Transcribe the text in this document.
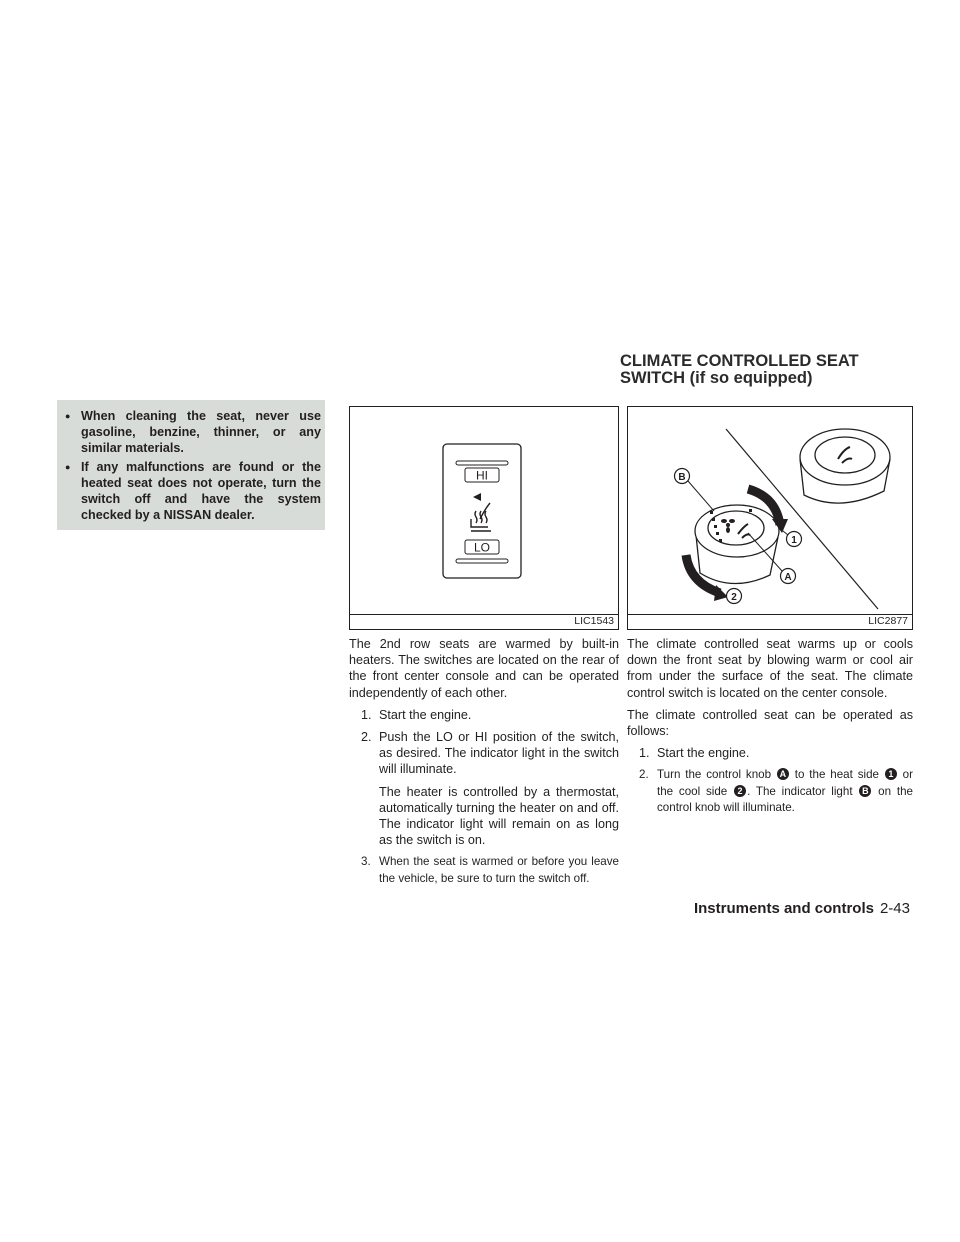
● When cleaning the seat, never use gasoline, benzine, thinner, or any similar materials.
● If any malfunctions are found or the heated seat does not operate, turn the switch off and have the system checked by a NISSAN dealer.
CLIMATE CONTROLLED SEAT
SWITCH (if so equipped)
HI
LO
LIC1543
B
A
1
2
LIC2877

The 2nd row seats are warmed by built-in heaters. The switches are located on the rear of the front center console and can be operated independently of each other.

1. Start the engine.

2. Push the LO or HI position of the switch, as desired. The indicator light in the switch will illuminate.

The heater is controlled by a thermostat, automatically turning the heater on and off. The indicator light will remain on as long as the switch is on.

3. When the seat is warmed or before you leave the vehicle, be sure to turn the switch off.

The climate controlled seat warms up or cools down the front seat by blowing warm or cool air from under the surface of the seat. The climate control switch is located on the center console.

The climate controlled seat can be operated as follows:

1. Start the engine.

2. Turn the control knob A to the heat side 1 or the cool side 2 . The indicator light B on the control knob will illuminate.

Instruments and controls 2-43
